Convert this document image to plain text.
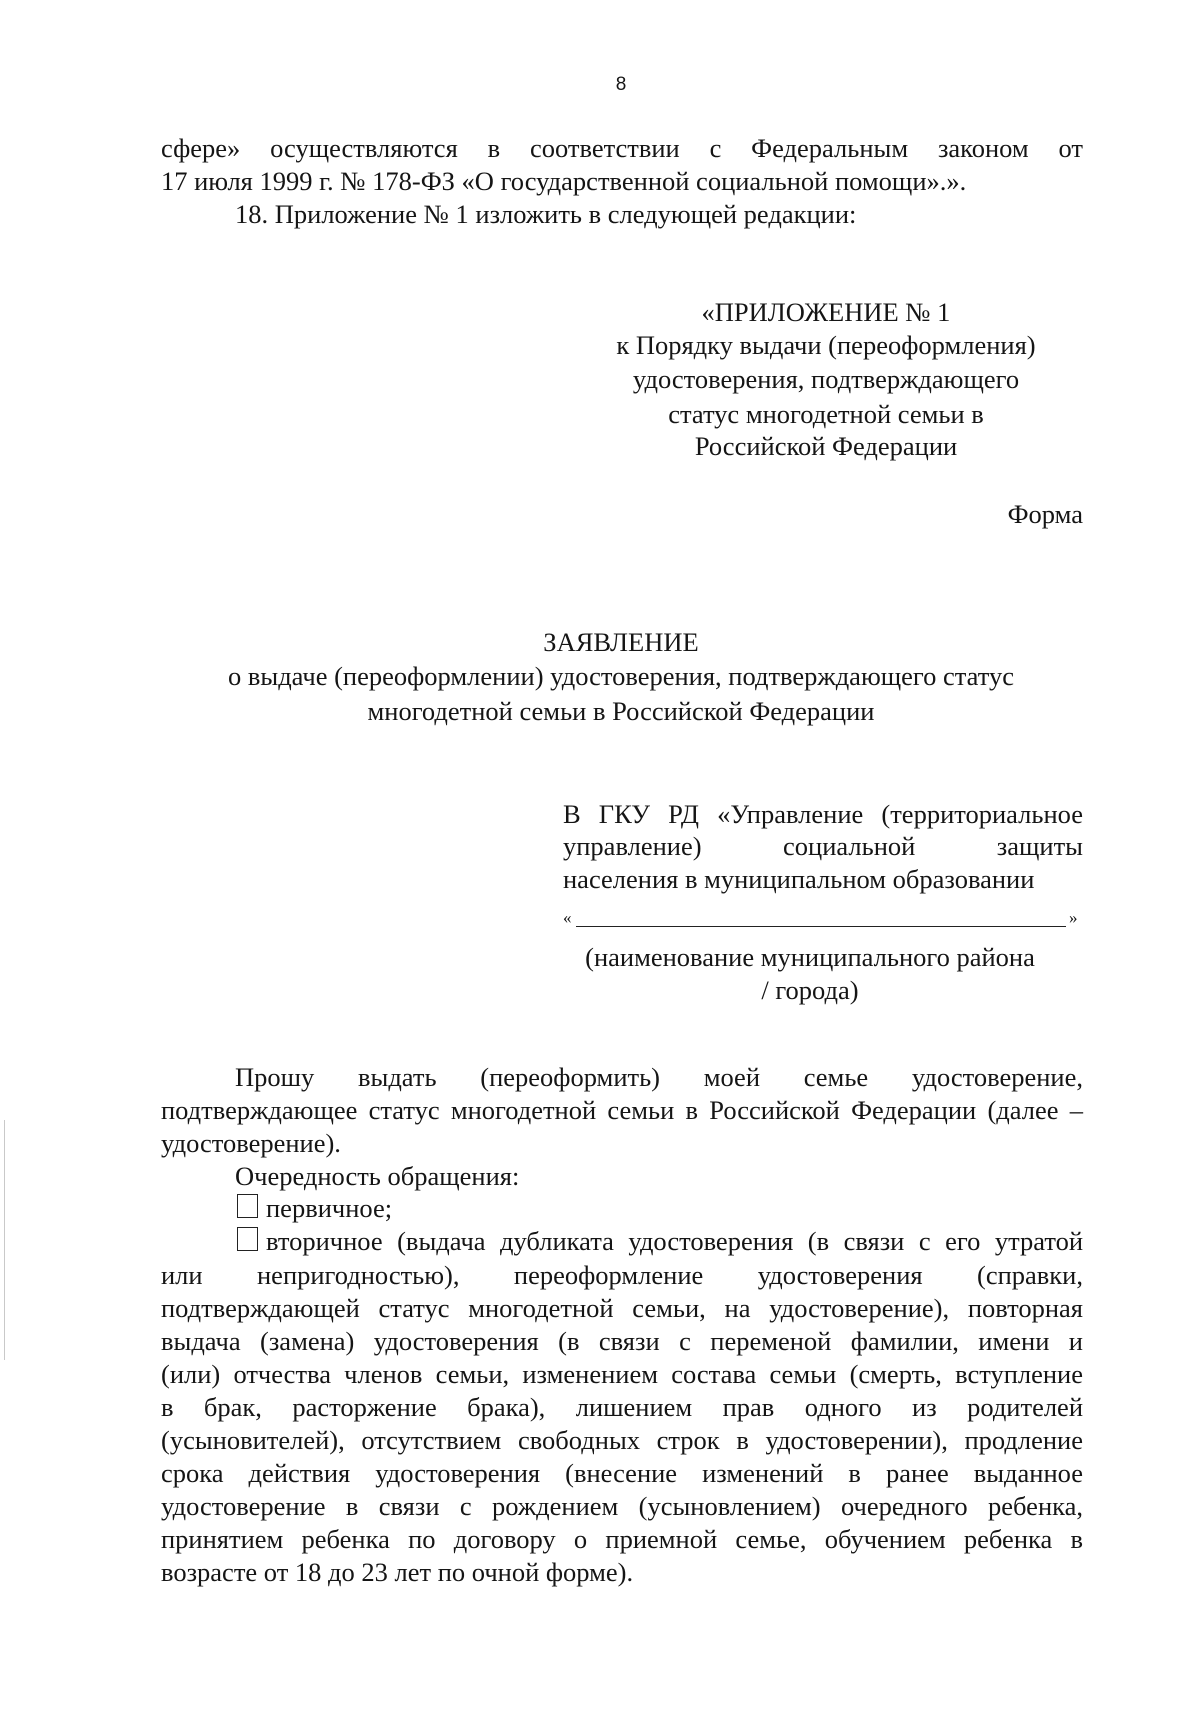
8
сфере» осуществляются в соответствии с Федеральным законом от
17 июля 1999 г. № 178-ФЗ «О государственной социальной помощи».».
18. Приложение № 1 изложить в следующей редакции:
«ПРИЛОЖЕНИЕ № 1
к Порядку выдачи (переоформления)
удостоверения, подтверждающего
статус многодетной семьи в
Российской Федерации
Форма
ЗАЯВЛЕНИЕ
о выдаче (переоформлении) удостоверения, подтверждающего статус
многодетной семьи в Российской Федерации
В ГКУ РД «Управление (территориальное
управление) социальной защиты
населения в муниципальном образовании
«	»
(наименование муниципального района
/ города)
Прошу выдать (переоформить) моей семье удостоверение,
подтверждающее статус многодетной семьи в Российской Федерации (далее –
удостоверение).
Очередность обращения:
первичное;
вторичное (выдача дубликата удостоверения (в связи с его утратой
или непригодностью), переоформление удостоверения (справки,
подтверждающей статус многодетной семьи, на удостоверение), повторная
выдача (замена) удостоверения (в связи с переменой фамилии, имени и
(или) отчества членов семьи, изменением состава семьи (смерть, вступление
в брак, расторжение брака), лишением прав одного из родителей
(усыновителей), отсутствием свободных строк в удостоверении), продление
срока действия удостоверения (внесение изменений в ранее выданное
удостоверение в связи с рождением (усыновлением) очередного ребенка,
принятием ребенка по договору о приемной семье, обучением ребенка в
возрасте от 18 до 23 лет по очной форме).
